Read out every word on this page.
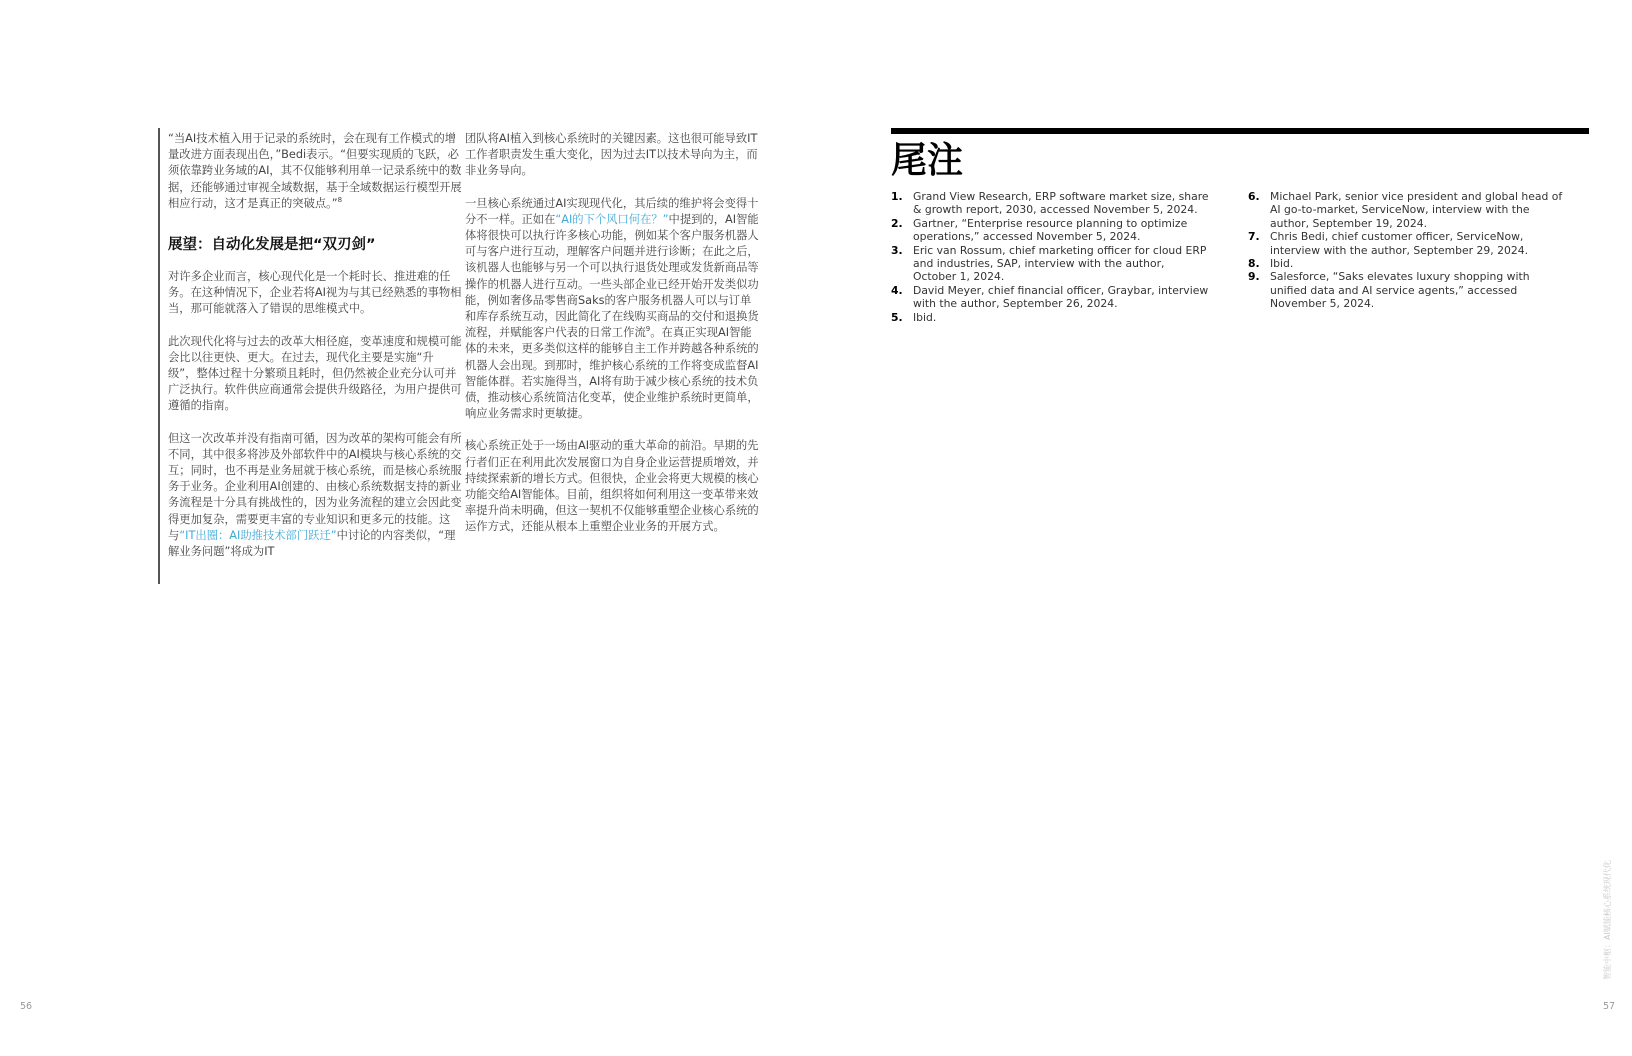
“当AI技术植入用于记录的系统时，会在现有工作模式的增量改进方面表现出色，”Bedi表示。“但要实现质的飞跃，必须依靠跨业务域的AI，其不仅能够利用单一记录系统中的数据，还能够通过审视全域数据，基于全域数据运行模型开展相应行动，这才是真正的突破点。”$^8$

展望：自动化发展是把“双刃剑”

对许多企业而言，核心现代化是一个耗时长、推进难的任务。在这种情况下，企业若将AI视为与其已经熟悉的事物相当，那可能就落入了错误的思维模式中。

此次现代化将与过去的改革大相径庭，变革速度和规模可能会比以往更快、更大。在过去，现代化主要是实施“升级”，整体过程十分繁琐且耗时，但仍然被企业充分认可并广泛执行。软件供应商通常会提供升级路径，为用户提供可遵循的指南。

但这一次改革并没有指南可循，因为改革的架构可能会有所不同，其中很多将涉及外部软件中的AI模块与核心系统的交互；同时，也不再是业务屈就于核心系统，而是核心系统服务于业务。企业利用AI创建的、由核心系统数据支持的新业务流程是十分具有挑战性的，因为业务流程的建立会因此变得更加复杂，需要更丰富的专业知识和更多元的技能。这与“IT出圈：AI助推技术部门跃迁”中讨论的内容类似，“理解业务问题”将成为IT

团队将AI植入到核心系统时的关键因素。这也很可能导致IT工作者职责发生重大变化，因为过去IT以技术导向为主，而非业务导向。

一旦核心系统通过AI实现现代化，其后续的维护将会变得十分不一样。正如在“AI的下个风口何在？”中提到的，AI智能体将很快可以执行许多核心功能，例如某个客户服务机器人可与客户进行互动，理解客户问题并进行诊断；在此之后，该机器人也能够与另一个可以执行退货处理或发货新商品等操作的机器人进行互动。一些头部企业已经开始开发类似功能，例如奢侈品零售商Saks的客户服务机器人可以与订单和库存系统互动，因此简化了在线购买商品的交付和退换货流程，并赋能客户代表的日常工作流$^9$。在真正实现AI智能体的未来，更多类似这样的能够自主工作并跨越各种系统的机器人会出现。到那时，维护核心系统的工作将变成监督AI智能体群。若实施得当，AI将有助于减少核心系统的技术负债，推动核心系统简洁化变革，使企业维护系统时更简单，响应业务需求时更敏捷。

核心系统正处于一场由AI驱动的重大革命的前沿。早期的先行者们正在利用此次发展窗口为自身企业运营提质增效，并持续探索新的增长方式。但很快，企业会将更大规模的核心功能交给AI智能体。目前，组织将如何利用这一变革带来效率提升尚未明确，但这一契机不仅能够重塑企业核心系统的运作方式，还能从根本上重塑企业业务的开展方式。

56
尾注
1. Grand View Research, ERP software market size, share & growth report, 2030, accessed November 5, 2024.
2. Gartner, “Enterprise resource planning to optimize operations,” accessed November 5, 2024.
3. Eric van Rossum, chief marketing officer for cloud ERP and industries, SAP, interview with the author, October 1, 2024.
4. David Meyer, chief financial officer, Graybar, interview with the author, September 26, 2024.
5. Ibid.
6. Michael Park, senior vice president and global head of AI go-to-market, ServiceNow, interview with the author, September 19, 2024.
7. Chris Bedi, chief customer officer, ServiceNow, interview with the author, September 29, 2024.
8. Ibid.
9. Salesforce, “Saks elevates luxury shopping with unified data and AI service agents,” accessed November 5, 2024.
智能中枢：AI赋能核心系统现代化
57
